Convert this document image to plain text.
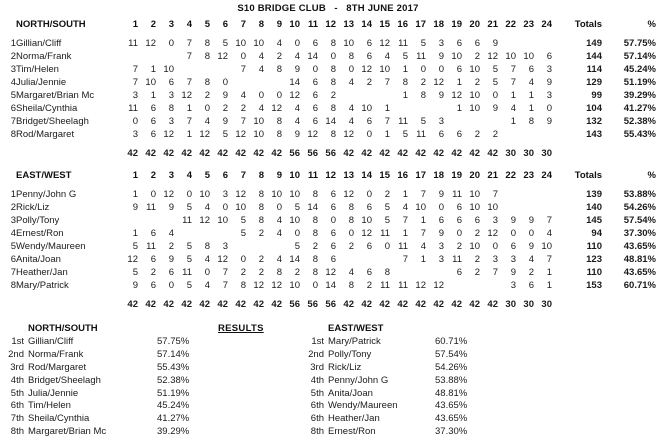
S10 BRIDGE CLUB   -   8TH JUNE 2017
	NORTH/SOUTH	1	2	3	4	5	6	7	8	9	10	11	12	13	14	15	16	17	18	19	20	21	22	23	24	Totals	%

1	Gillian/Cliff	11	12	0	7	8	5	10	10	4	0	6	8	10	6	12	11	5	3	6	6	9				149	57.75%
2	Norma/Frank				7	8	12	0	4	2	4	14	0	8	6	4	5	11	9	10	2	12	10	10	6	144	57.14%
3	Tim/Helen	7	1	10				7	4	8	9	0	8	0	12	10	1	0	0	6	10	5	7	6	3	114	45.24%
4	Julia/Jennie	7	10	6	7	8	0				14	6	8	4	2	7	8	2	12	1	2	5	7	4	9	129	51.19%
5	Margaret/Brian Mc	3	1	3	12	2	9	4	0	0	12	6	2				1	8	9	12	10	0	1	1	3	99	39.29%
6	Sheila/Cynthia	11	6	8	1	0	2	2	4	12	4	6	8	4	10	1				1	10	9	4	1	0	104	41.27%
7	Bridget/Sheelagh	0	6	3	7	4	9	7	10	8	4	6	14	4	6	7	11	5	3				1	8	9	132	52.38%
8	Rod/Margaret	3	6	12	1	12	5	12	10	8	9	12	8	12	0	1	5	11	6	6	2	2				143	55.43%

		42	42	42	42	42	42	42	42	42	56	56	56	42	42	42	42	42	42	42	42	42	30	30	30		
	EAST/WEST	1	2	3	4	5	6	7	8	9	10	11	12	13	14	15	16	17	18	19	20	21	22	23	24	Totals	%

1	Penny/John G	1	0	12	0	10	3	12	8	10	10	8	6	12	0	2	1	7	9	11	10	7				139	53.88%
2	Rick/Liz	9	11	9	5	4	0	10	8	0	5	14	6	8	6	5	4	10	0	6	10	10				140	54.26%
3	Polly/Tony				11	12	10	5	8	4	10	8	0	8	10	5	7	1	6	6	6	3	9	9	7	145	57.54%
4	Ernest/Ron	1	6	4				5	2	4	0	8	6	0	12	11	1	7	9	0	2	12	0	0	4	94	37.30%
5	Wendy/Maureen	5	11	2	5	8	3				5	2	6	2	6	0	11	4	3	2	10	0	6	9	10	110	43.65%
6	Anita/Joan	12	6	9	5	4	12	0	2	4	14	8	6				7	1	3	11	2	3	3	4	7	123	48.81%
7	Heather/Jan	5	2	6	11	0	7	2	2	8	2	8	12	4	6	8				6	2	7	9	2	1	110	43.65%
8	Mary/Patrick	9	6	0	5	4	7	8	12	12	10	0	14	8	2	11	11	12	12				3	6	1	153	60.71%

		42	42	42	42	42	42	42	42	42	56	56	56	42	42	42	42	42	42	42	42	42	30	30	30		
NORTH/SOUTH	RESULTS	EAST/WEST
1st Gillian/Cliff	57.75%
2nd Norma/Frank	57.14%
3rd Rod/Margaret	55.43%
4th Bridget/Sheelagh	52.38%
5th Julia/Jennie	51.19%
6th Tim/Helen	45.24%
7th Sheila/Cynthia	41.27%
8th Margaret/Brian Mc	39.29%
1st Mary/Patrick	60.71%
2nd Polly/Tony	57.54%
3rd Rick/Liz	54.26%
4th Penny/John G	53.88%
5th Anita/Joan	48.81%
6th Wendy/Maureen	43.65%
6th Heather/Jan	43.65%
8th Ernest/Ron	37.30%
